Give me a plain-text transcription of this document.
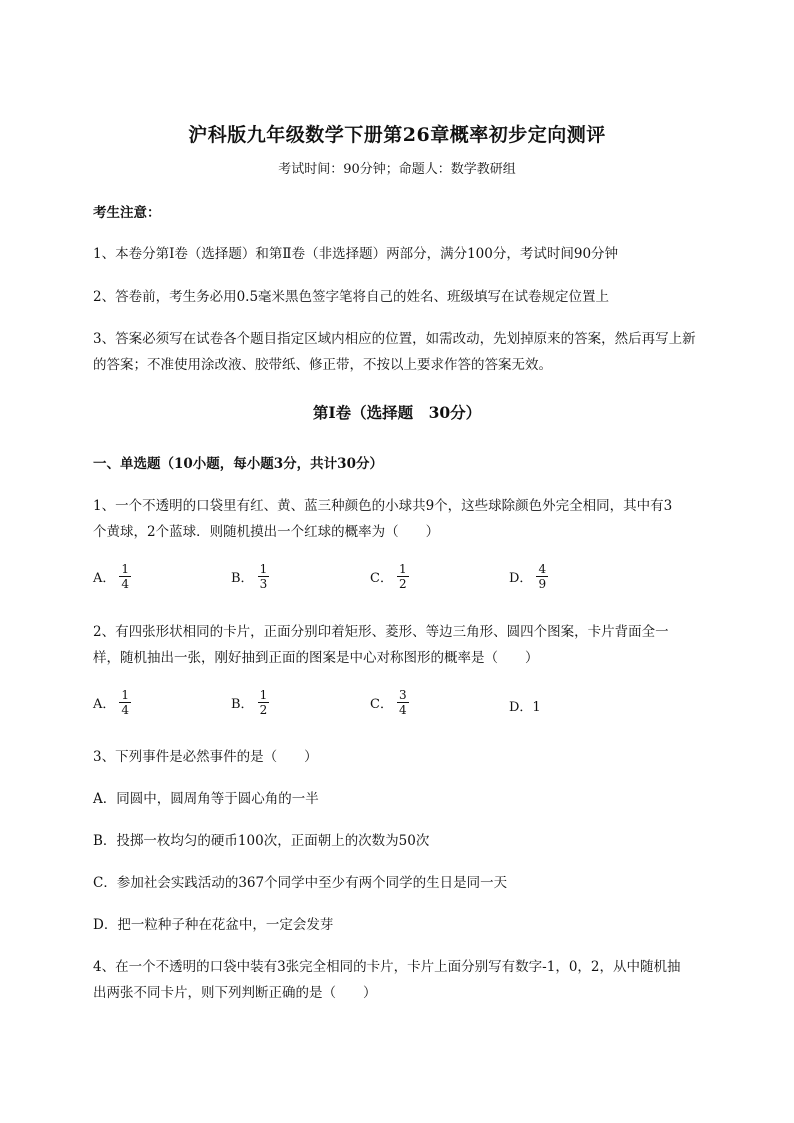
沪科版九年级数学下册第26章概率初步定向测评
考试时间：90分钟；命题人：数学教研组
考生注意：
1、本卷分第I卷（选择题）和第Ⅱ卷（非选择题）两部分，满分100分，考试时间90分钟
2、答卷前，考生务必用0.5毫米黑色签字笔将自己的姓名、班级填写在试卷规定位置上
3、答案必须写在试卷各个题目指定区域内相应的位置，如需改动，先划掉原来的答案，然后再写上新
的答案；不准使用涂改液、胶带纸、修正带，不按以上要求作答的答案无效。
第I卷（选择题　30分）
一、单选题（10小题，每小题3分，共计30分）
1、一个不透明的口袋里有红、黄、蓝三种颜色的小球共9个，这些球除颜色外完全相同，其中有3
个黄球，2个蓝球．则随机摸出一个红球的概率为（　　）
A． $\frac{1}{4}$	B． $\frac{1}{3}$	C． $\frac{1}{2}$	D． $\frac{4}{9}$
2、有四张形状相同的卡片，正面分别印着矩形、菱形、等边三角形、圆四个图案，卡片背面全一
样，随机抽出一张，刚好抽到正面的图案是中心对称图形的概率是（　　）
A． $\frac{1}{4}$	B． $\frac{1}{2}$	C． $\frac{3}{4}$	D．1
3、下列事件是必然事件的是（　　）
A．同圆中，圆周角等于圆心角的一半
B．投掷一枚均匀的硬币100次，正面朝上的次数为50次
C．参加社会实践活动的367个同学中至少有两个同学的生日是同一天
D．把一粒种子种在花盆中，一定会发芽
4、在一个不透明的口袋中装有3张完全相同的卡片，卡片上面分别写有数字-1，0，2，从中随机抽
出两张不同卡片，则下列判断正确的是（　　）
